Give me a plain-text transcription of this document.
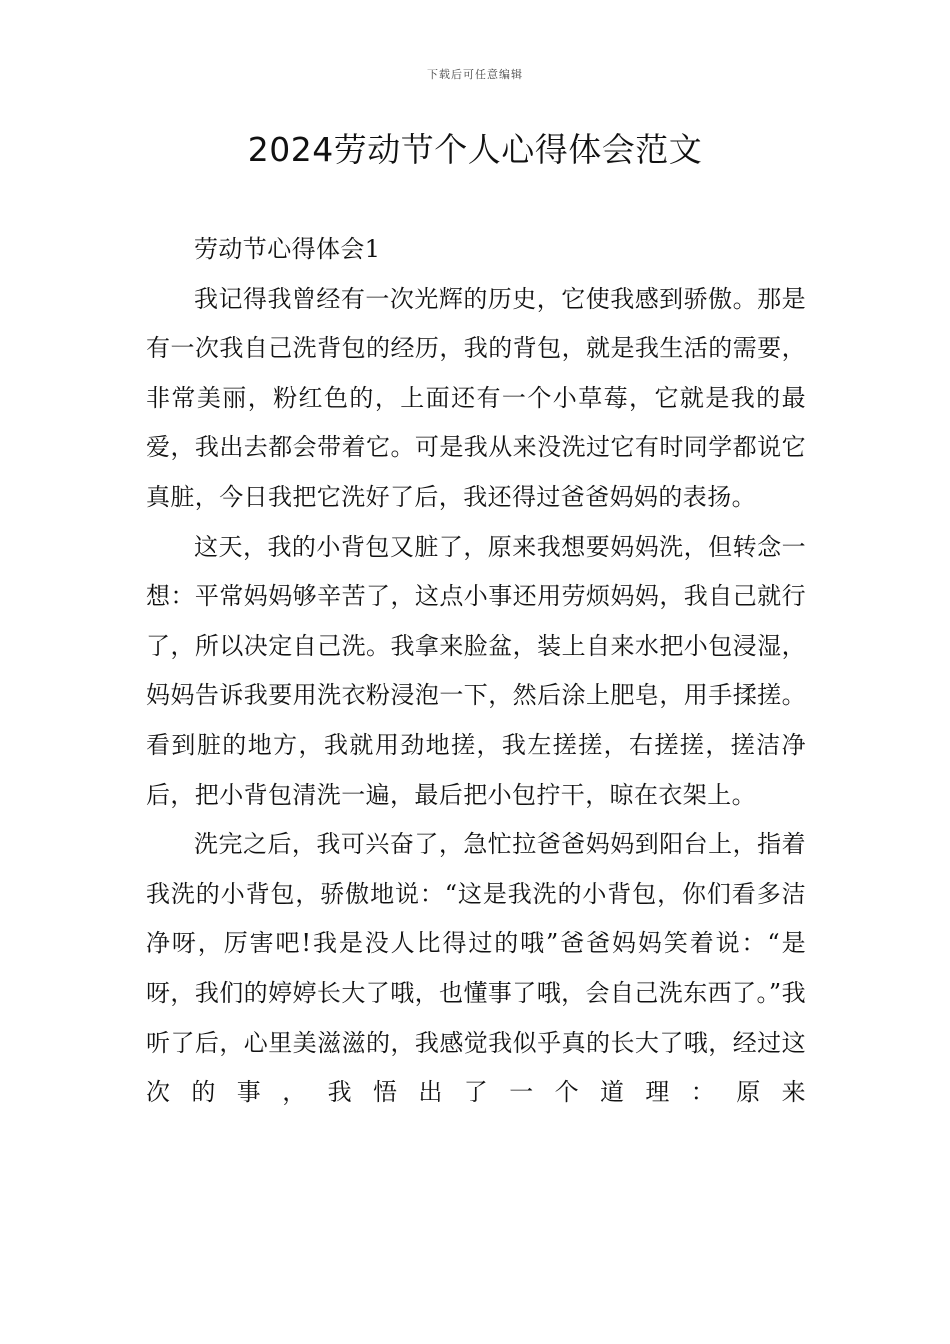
下载后可任意编辑
2024劳动节个人心得体会范文

劳动节心得体会1

我记得我曾经有一次光辉的历史，它使我感到骄傲。那是有一次我自己洗背包的经历，我的背包，就是我生活的需要，非常美丽，粉红色的，上面还有一个小草莓，它就是我的最爱，我出去都会带着它。可是我从来没洗过它有时同学都说它真脏，今日我把它洗好了后，我还得过爸爸妈妈的表扬。

这天，我的小背包又脏了，原来我想要妈妈洗，但转念一想：平常妈妈够辛苦了，这点小事还用劳烦妈妈，我自己就行了，所以决定自己洗。我拿来脸盆，装上自来水把小包浸湿，妈妈告诉我要用洗衣粉浸泡一下，然后涂上肥皂，用手揉搓。看到脏的地方，我就用劲地搓，我左搓搓，右搓搓，搓洁净后，把小背包清洗一遍，最后把小包拧干，晾在衣架上。

洗完之后，我可兴奋了，急忙拉爸爸妈妈到阳台上，指着我洗的小背包，骄傲地说：“这是我洗的小背包，你们看多洁净呀，厉害吧!我是没人比得过的哦”爸爸妈妈笑着说：“是呀，我们的婷婷长大了哦，也懂事了哦，会自己洗东西了。”我听了后，心里美滋滋的，我感觉我似乎真的长大了哦，经过这次的事，我悟出了一个道理：原来
